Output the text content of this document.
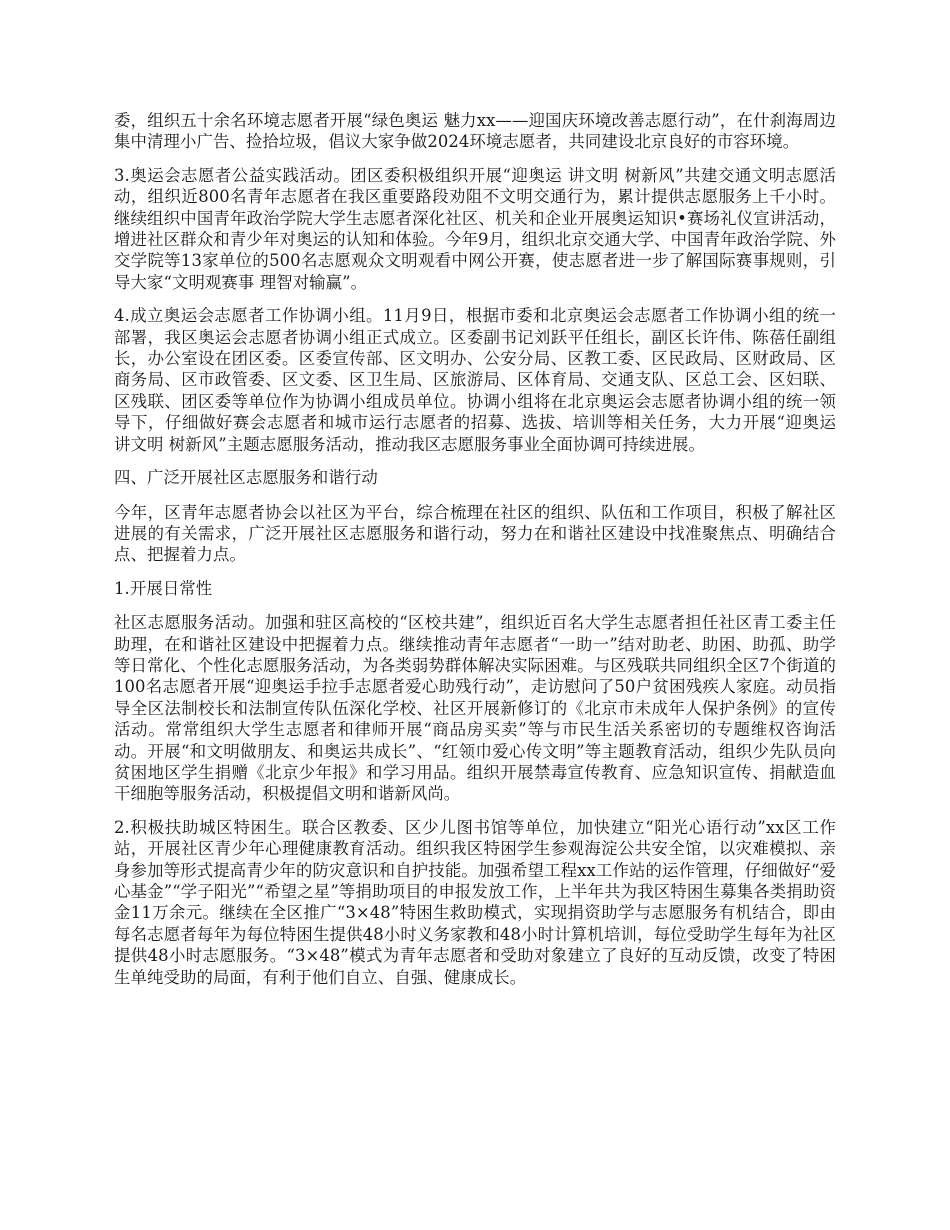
委，组织五十余名环境志愿者开展“绿色奥运 魅力xx——迎国庆环境改善志愿行动”，在什刹海周边集中清理小广告、捡拾垃圾，倡议大家争做2024环境志愿者，共同建设北京良好的市容环境。

3.奥运会志愿者公益实践活动。团区委积极组织开展“迎奥运 讲文明 树新风”共建交通文明志愿活动，组织近800名青年志愿者在我区重要路段劝阻不文明交通行为，累计提供志愿服务上千小时。继续组织中国青年政治学院大学生志愿者深化社区、机关和企业开展奥运知识•赛场礼仪宣讲活动，增进社区群众和青少年对奥运的认知和体验。今年9月，组织北京交通大学、中国青年政治学院、外交学院等13家单位的500名志愿观众文明观看中网公开赛，使志愿者进一步了解国际赛事规则，引导大家“文明观赛事 理智对输赢”。

4.成立奥运会志愿者工作协调小组。11月9日，根据市委和北京奥运会志愿者工作协调小组的统一部署，我区奥运会志愿者协调小组正式成立。区委副书记刘跃平任组长，副区长许伟、陈蓓任副组长，办公室设在团区委。区委宣传部、区文明办、公安分局、区教工委、区民政局、区财政局、区商务局、区市政管委、区文委、区卫生局、区旅游局、区体育局、交通支队、区总工会、区妇联、区残联、团区委等单位作为协调小组成员单位。协调小组将在北京奥运会志愿者协调小组的统一领导下，仔细做好赛会志愿者和城市运行志愿者的招募、选拔、培训等相关任务，大力开展“迎奥运 讲文明 树新风”主题志愿服务活动，推动我区志愿服务事业全面协调可持续进展。

四、广泛开展社区志愿服务和谐行动

今年，区青年志愿者协会以社区为平台，综合梳理在社区的组织、队伍和工作项目，积极了解社区进展的有关需求，广泛开展社区志愿服务和谐行动，努力在和谐社区建设中找准聚焦点、明确结合点、把握着力点。

1.开展日常性

社区志愿服务活动。加强和驻区高校的“区校共建”，组织近百名大学生志愿者担任社区青工委主任助理，在和谐社区建设中把握着力点。继续推动青年志愿者“一助一”结对助老、助困、助孤、助学等日常化、个性化志愿服务活动，为各类弱势群体解决实际困难。与区残联共同组织全区7个街道的100名志愿者开展“迎奥运手拉手志愿者爱心助残行动”，走访慰问了50户贫困残疾人家庭。动员指导全区法制校长和法制宣传队伍深化学校、社区开展新修订的《北京市未成年人保护条例》的宣传活动。常常组织大学生志愿者和律师开展“商品房买卖”等与市民生活关系密切的专题维权咨询活动。开展“和文明做朋友、和奥运共成长”、“红领巾爱心传文明”等主题教育活动，组织少先队员向贫困地区学生捐赠《北京少年报》和学习用品。组织开展禁毒宣传教育、应急知识宣传、捐献造血干细胞等服务活动，积极提倡文明和谐新风尚。

2.积极扶助城区特困生。联合区教委、区少儿图书馆等单位，加快建立“阳光心语行动”xx区工作站，开展社区青少年心理健康教育活动。组织我区特困学生参观海淀公共安全馆，以灾难模拟、亲身参加等形式提高青少年的防灾意识和自护技能。加强希望工程xx工作站的运作管理，仔细做好“爱心基金”“学子阳光”“希望之星”等捐助项目的申报发放工作，上半年共为我区特困生募集各类捐助资金11万余元。继续在全区推广“3×48”特困生救助模式，实现捐资助学与志愿服务有机结合，即由每名志愿者每年为每位特困生提供48小时义务家教和48小时计算机培训，每位受助学生每年为社区提供48小时志愿服务。“3×48”模式为青年志愿者和受助对象建立了良好的互动反馈，改变了特困生单纯受助的局面，有利于他们自立、自强、健康成长。
